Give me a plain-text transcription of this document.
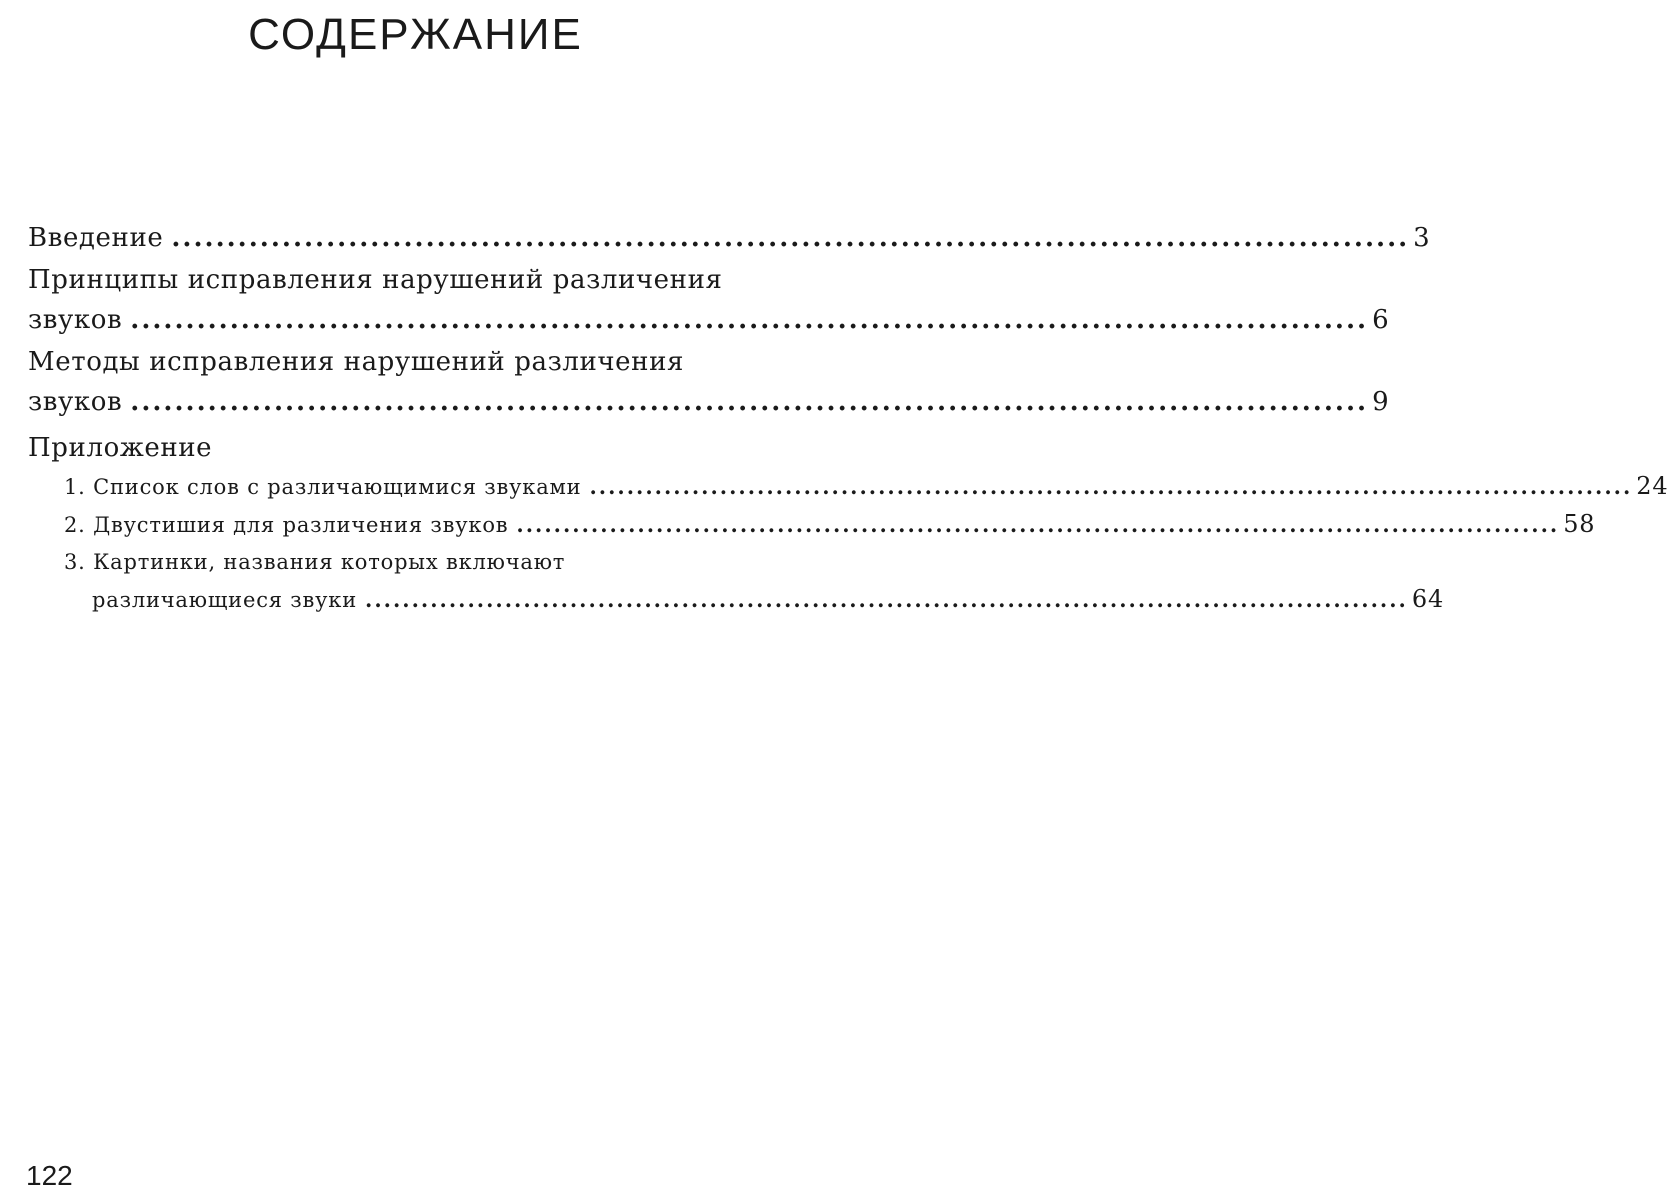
СОДЕРЖАНИЕ
Введение ................................................................................................................ 3
Принципы исправления нарушений различения
звуков ................................................................................................................ 6
Методы исправления нарушений различения
звуков ................................................................................................................ 9
Приложение
1. Список слов с различающимися звуками ................................................................................................................ 24
2. Двустишия для различения звуков ................................................................................................................ 58
3. Картинки, названия которых включают
различающиеся звуки ................................................................................................................ 64
122
